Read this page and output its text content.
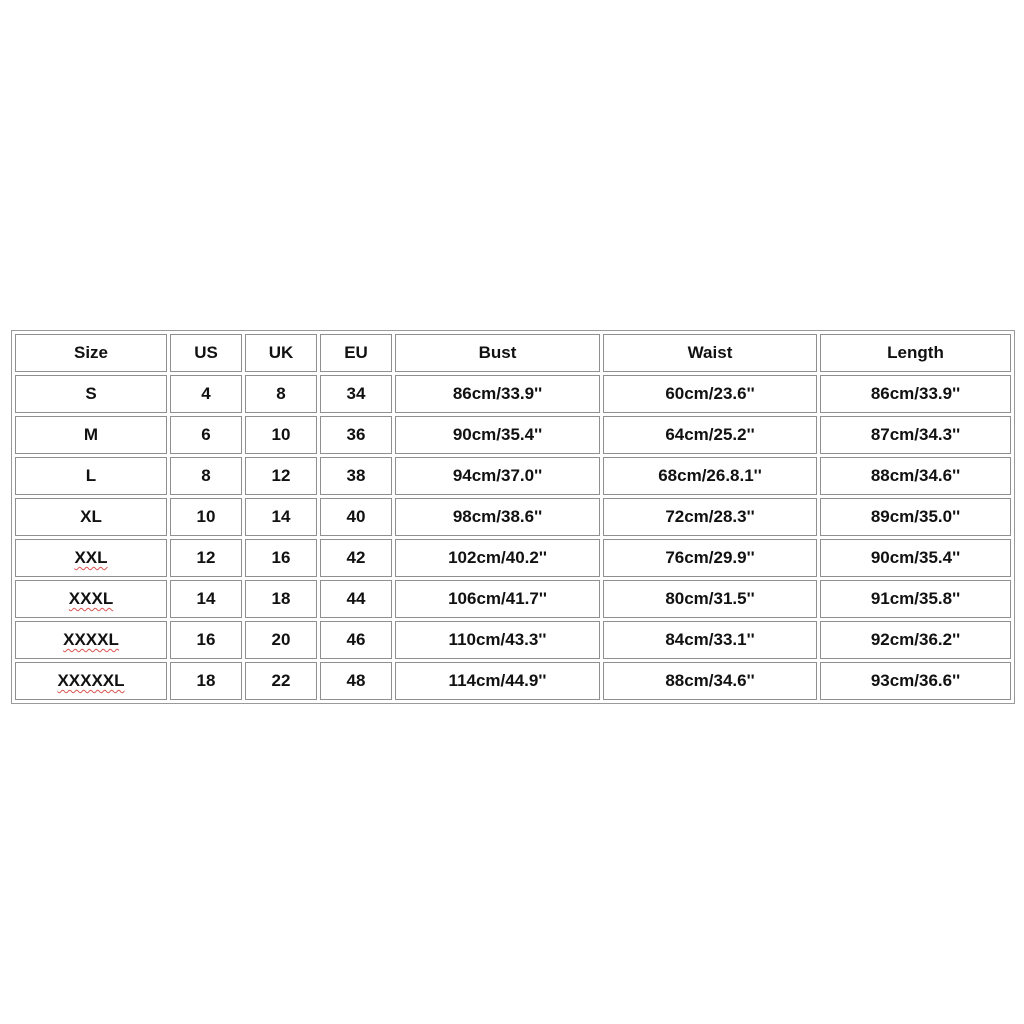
Size	US	UK	EU	Bust	Waist	Length
S	4	8	34	86cm/33.9''	60cm/23.6''	86cm/33.9''
M	6	10	36	90cm/35.4''	64cm/25.2''	87cm/34.3''
L	8	12	38	94cm/37.0''	68cm/26.8.1''	88cm/34.6''
XL	10	14	40	98cm/38.6''	72cm/28.3''	89cm/35.0''
XXL	12	16	42	102cm/40.2''	76cm/29.9''	90cm/35.4''
XXXL	14	18	44	106cm/41.7''	80cm/31.5''	91cm/35.8''
XXXXL	16	20	46	110cm/43.3''	84cm/33.1''	92cm/36.2''
XXXXXL	18	22	48	114cm/44.9''	88cm/34.6''	93cm/36.6''
